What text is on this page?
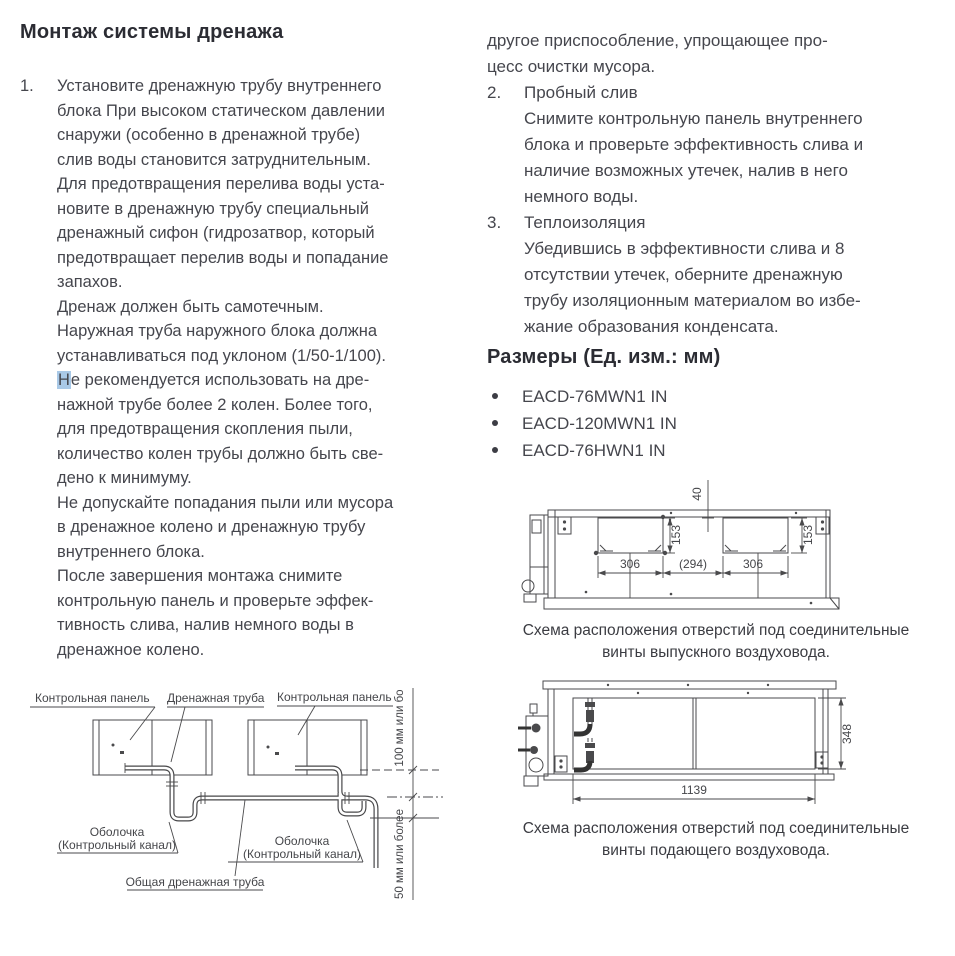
Монтаж системы дренажа
1.	Установите дренажную трубу внутреннего
блока При высоком статическом давлении
снаружи (особенно в дренажной трубе)
слив воды становится затруднительным.
Для предотвращения перелива воды уста-
новите в дренажную трубу специальный
дренажный сифон (гидрозатвор, который
предотвращает перелив воды и попадание
запахов.
Дренаж должен быть самотечным.
Наружная труба наружного блока должна
устанавливаться под уклоном (1/50-1/100).
Не рекомендуется использовать на дре-
нажной трубе более 2 колен. Более того,
для предотвращения скопления пыли,
количество колен трубы должно быть све-
дено к минимуму.
Не допускайте попадания пыли или мусора
в дренажное колено и дренажную трубу
внутреннего блока.
После завершения монтажа снимите
контрольную панель и проверьте эффек-
тивность слива, налив немного воды в
дренажное колено.
Контрольная панель Дренажная труба Контрольная панель 100 мм или бо
50 мм или более
Оболочка
(Контрольный канал)	Оболочка
(Контрольный канал)
Общая дренажная труба
другое приспособление, упрощающее про-
цесс очистки мусора.
2.	Пробный слив
Снимите контрольную панель внутреннего
блока и проверьте эффективность слива и
наличие возможных утечек, налив в него
немного воды.
3.	Теплоизоляция
Убедившись в эффективности слива и 8
отсутствии утечек, оберните дренажную
трубу изоляционным материалом во избе-
жание образования конденсата.
Размеры (Ед. изм.: мм)
EACD-76MWN1 IN
EACD-120MWN1 IN
EACD-76HWN1 IN
40
153
306	(294)	306
153
Схема расположения отверстий под соединительные
винты выпускного воздуховода.
1139
348
Схема расположения отверстий под соединительные
винты подающего воздуховода.
